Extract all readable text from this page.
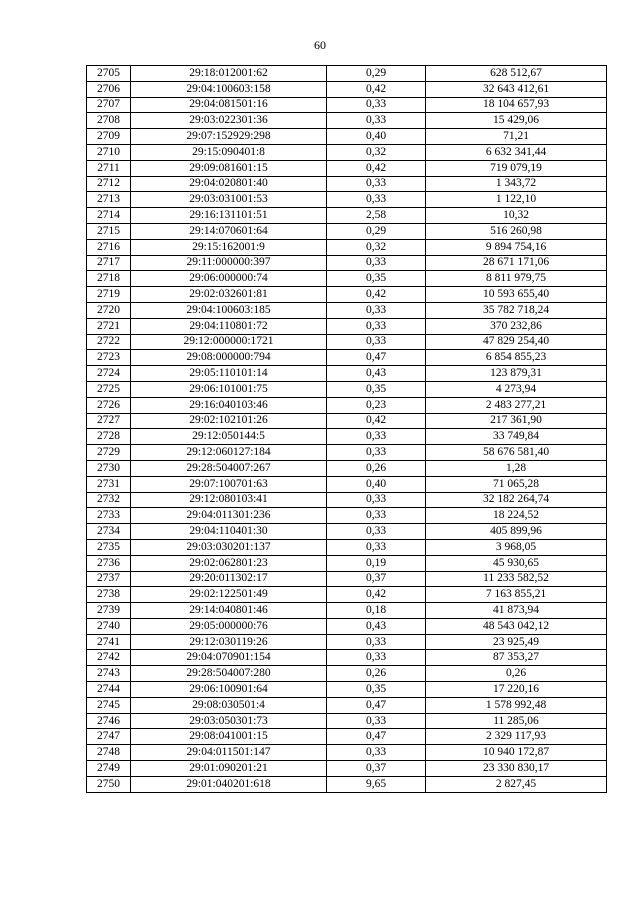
60
2705	29:18:012001:62	0,29	628 512,67
2706	29:04:100603:158	0,42	32 643 412,61
2707	29:04:081501:16	0,33	18 104 657,93
2708	29:03:022301:36	0,33	15 429,06
2709	29:07:152929:298	0,40	71,21
2710	29:15:090401:8	0,32	6 632 341,44
2711	29:09:081601:15	0,42	719 079,19
2712	29:04:020801:40	0,33	1 343,72
2713	29:03:031001:53	0,33	1 122,10
2714	29:16:131101:51	2,58	10,32
2715	29:14:070601:64	0,29	516 260,98
2716	29:15:162001:9	0,32	9 894 754,16
2717	29:11:000000:397	0,33	28 671 171,06
2718	29:06:000000:74	0,35	8 811 979,75
2719	29:02:032601:81	0,42	10 593 655,40
2720	29:04:100603:185	0,33	35 782 718,24
2721	29:04:110801:72	0,33	370 232,86
2722	29:12:000000:1721	0,33	47 829 254,40
2723	29:08:000000:794	0,47	6 854 855,23
2724	29:05:110101:14	0,43	123 879,31
2725	29:06:101001:75	0,35	4 273,94
2726	29:16:040103:46	0,23	2 483 277,21
2727	29:02:102101:26	0,42	217 361,90
2728	29:12:050144:5	0,33	33 749,84
2729	29:12:060127:184	0,33	58 676 581,40
2730	29:28:504007:267	0,26	1,28
2731	29:07:100701:63	0,40	71 065,28
2732	29:12:080103:41	0,33	32 182 264,74
2733	29:04:011301:236	0,33	18 224,52
2734	29:04:110401:30	0,33	405 899,96
2735	29:03:030201:137	0,33	3 968,05
2736	29:02:062801:23	0,19	45 930,65
2737	29:20:011302:17	0,37	11 233 582,52
2738	29:02:122501:49	0,42	7 163 855,21
2739	29:14:040801:46	0,18	41 873,94
2740	29:05:000000:76	0,43	48 543 042,12
2741	29:12:030119:26	0,33	23 925,49
2742	29:04:070901:154	0,33	87 353,27
2743	29:28:504007:280	0,26	0,26
2744	29:06:100901:64	0,35	17 220,16
2745	29:08:030501:4	0,47	1 578 992,48
2746	29:03:050301:73	0,33	11 285,06
2747	29:08:041001:15	0,47	2 329 117,93
2748	29:04:011501:147	0,33	10 940 172,87
2749	29:01:090201:21	0,37	23 330 830,17
2750	29:01:040201:618	9,65	2 827,45
